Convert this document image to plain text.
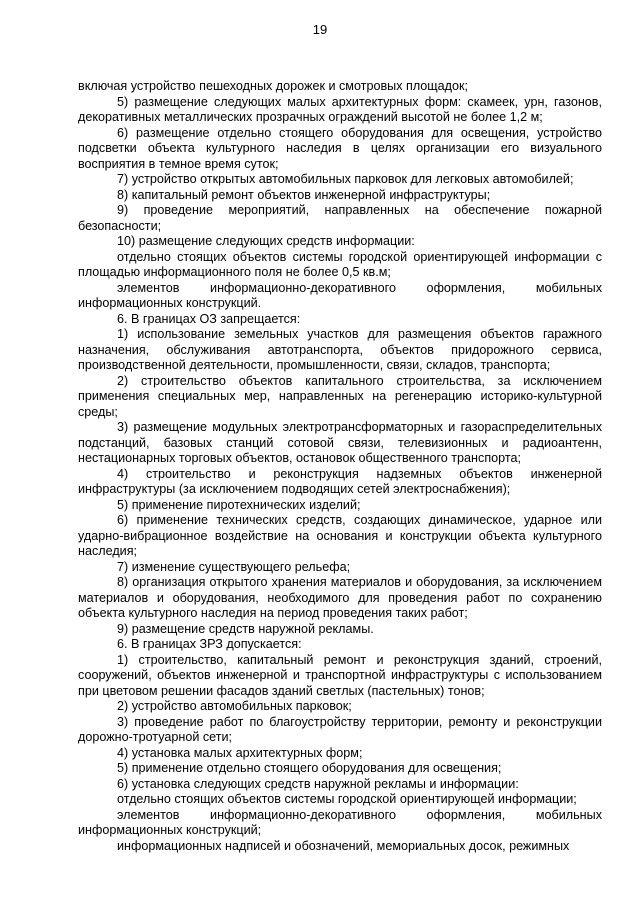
19

включая устройство пешеходных дорожек и смотровых площадок;

5) размещение следующих малых архитектурных форм: скамеек, урн, газонов, декоративных металлических прозрачных ограждений высотой не более 1,2 м;

6) размещение отдельно стоящего оборудования для освещения, устройство подсветки объекта культурного наследия в целях организации его визуального восприятия в темное время суток;

7) устройство открытых автомобильных парковок для легковых автомобилей;

8) капитальный ремонт объектов инженерной инфраструктуры;

9) проведение мероприятий, направленных на обеспечение пожарной безопасности;

10) размещение следующих средств информации:

отдельно стоящих объектов системы городской ориентирующей информации с площадью информационного поля не более 0,5 кв.м;

элементов информационно-декоративного оформления, мобильных информационных конструкций.

6. В границах ОЗ запрещается:

1) использование земельных участков для размещения объектов гаражного назначения, обслуживания автотранспорта, объектов придорожного сервиса, производственной деятельности, промышленности, связи, складов, транспорта;

2) строительство объектов капитального строительства, за исключением применения специальных мер, направленных на регенерацию историко-культурной среды;

3) размещение модульных электротрансформаторных и газораспределительных подстанций, базовых станций сотовой связи, телевизионных и радиоантенн, нестационарных торговых объектов, остановок общественного транспорта;

4) строительство и реконструкция надземных объектов инженерной инфраструктуры (за исключением подводящих сетей электроснабжения);

5) применение пиротехнических изделий;

6) применение технических средств, создающих динамическое, ударное или ударно-вибрационное воздействие на основания и конструкции объекта культурного наследия;

7) изменение существующего рельефа;

8) организация открытого хранения материалов и оборудования, за исключением материалов и оборудования, необходимого для проведения работ по сохранению объекта культурного наследия на период проведения таких работ;

9) размещение средств наружной рекламы.

6. В границах ЗРЗ допускается:

1) строительство, капитальный ремонт и реконструкция зданий, строений, сооружений, объектов инженерной и транспортной инфраструктуры с использованием при цветовом решении фасадов зданий светлых (пастельных) тонов;

2) устройство автомобильных парковок;

3) проведение работ по благоустройству территории, ремонту и реконструкции дорожно-тротуарной сети;

4) установка малых архитектурных форм;

5) применение отдельно стоящего оборудования для освещения;

6) установка следующих средств наружной рекламы и информации:

отдельно стоящих объектов системы городской ориентирующей информации;

элементов информационно-декоративного оформления, мобильных информационных конструкций;

информационных надписей и обозначений, мемориальных досок, режимных
